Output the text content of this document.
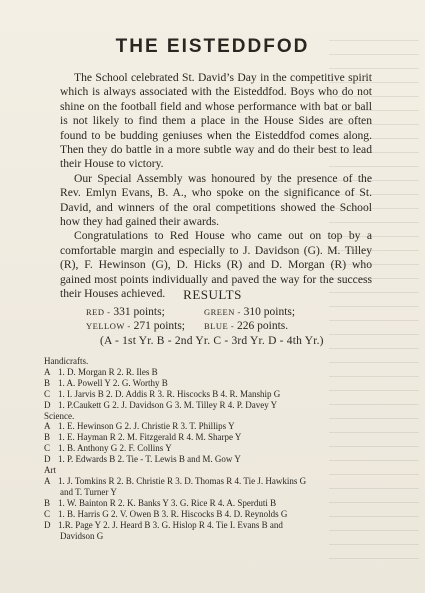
THE EISTEDDFOD

The School celebrated St. David’s Day in the competitive spirit which is always associated with the Eisteddfod. Boys who do not shine on the football field and whose performance with bat or ball is not likely to find them a place in the House Sides are often found to be budding geniuses when the Eisteddfod comes along. Then they do battle in a more subtle way and do their best to lead their House to victory.

Our Special Assembly was honoured by the presence of the Rev. Emlyn Evans, B. A., who spoke on the significance of St. David, and winners of the oral competitions showed the School how they had gained their awards.

Congratulations to Red House who came out on top by a comfortable margin and especially to J. Davidson (G). M. Tilley (R), F. Hewinson (G), D. Hicks (R) and D. Morgan (R) who gained most points individually and paved the way for the success their Houses achieved.	RESULTS
RED - 331 points;	GREEN - 310 points;
YELLOW - 271 points;	BLUE - 226 points.
(A - 1st Yr. B - 2nd Yr. C - 3rd Yr. D - 4th Yr.)
Handicrafts.
A 1. D. Morgan R 2. R. Iles B
B 1. A. Powell Y 2. G. Worthy B
C 1. I. Jarvis B 2. D. Addis R 3. R. Hiscocks B 4. R. Manship G
D 1. P.Caukett G 2. J. Davidson G 3. M. Tilley R 4. P. Davey Y
Science.
A 1. E. Hewinson G 2. J. Christie R 3. T. Phillips Y
B 1. E. Hayman R 2. M. Fitzgerald R 4. M. Sharpe Y
C 1. B. Anthony G 2. F. Collins Y
D 1. P. Edwards B 2. Tie - T. Lewis B and M. Gow Y
Art
A 1. J. Tomkins R 2. B. Christie R 3. D. Thomas R 4. Tie J. Hawkins G
and T. Turner Y
B 1. W. Bainton R 2. K. Banks Y 3. G. Rice R 4. A. Sperduti B
C 1. B. Harris G 2. V. Owen B 3. R. Hiscocks B 4. D. Reynolds G
D 1.R. Page Y 2. J. Heard B 3. G. Hislop R 4. Tie I. Evans B and
Davidson G
